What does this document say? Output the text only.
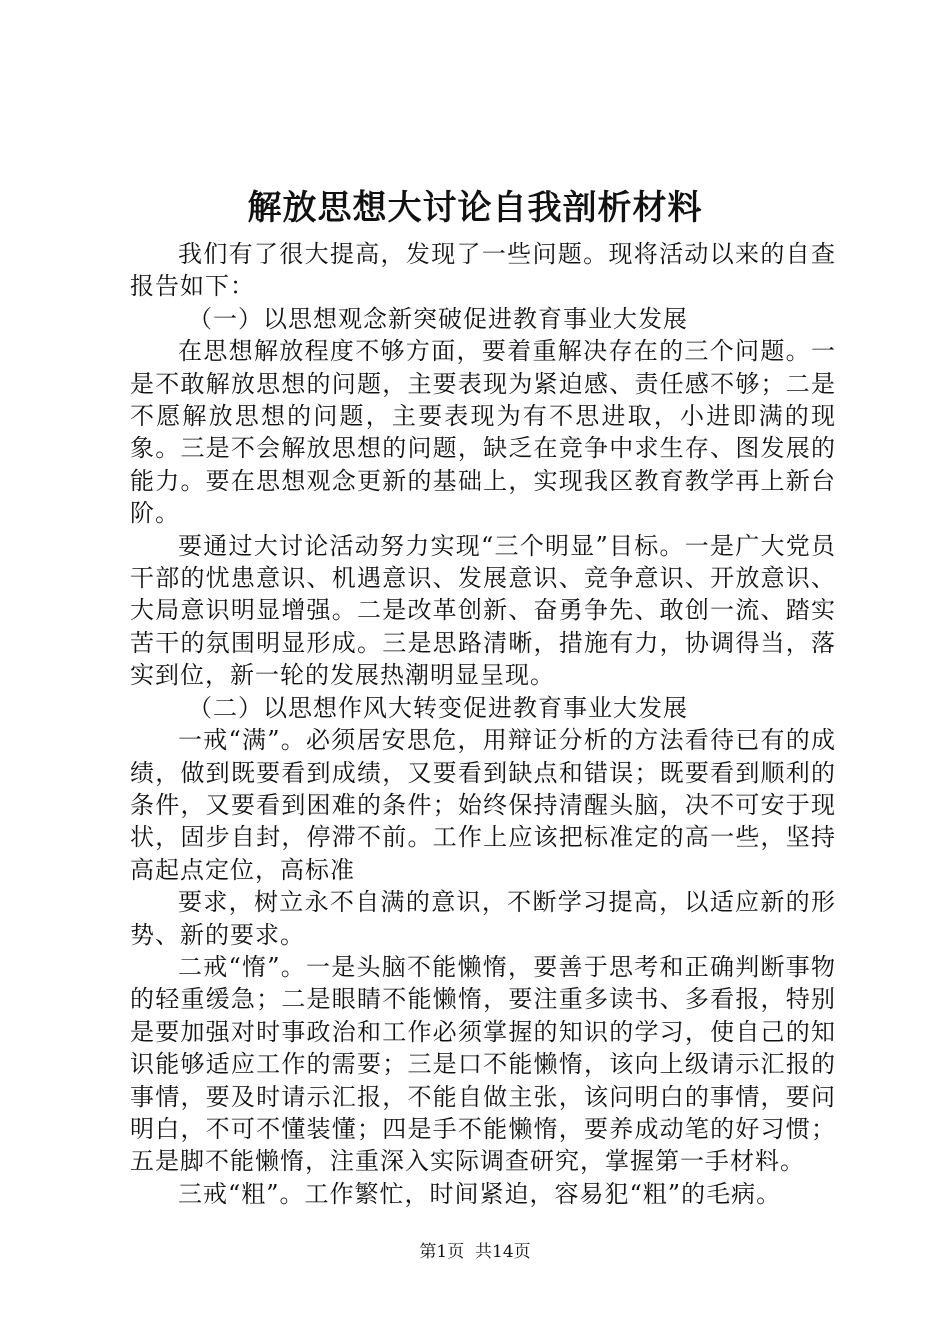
解放思想大讨论自我剖析材料

我们有了很大提高，发现了一些问题。现将活动以来的自查报告如下：

（一）以思想观念新突破促进教育事业大发展

在思想解放程度不够方面，要着重解决存在的三个问题。一是不敢解放思想的问题，主要表现为紧迫感、责任感不够；二是不愿解放思想的问题，主要表现为有不思进取，小进即满的现象。三是不会解放思想的问题，缺乏在竞争中求生存、图发展的能力。要在思想观念更新的基础上，实现我区教育教学再上新台阶。

要通过大讨论活动努力实现“三个明显”目标。一是广大党员干部的忧患意识、机遇意识、发展意识、竞争意识、开放意识、大局意识明显增强。二是改革创新、奋勇争先、敢创一流、踏实苦干的氛围明显形成。三是思路清晰，措施有力，协调得当，落实到位，新一轮的发展热潮明显呈现。

（二）以思想作风大转变促进教育事业大发展

一戒“满”。必须居安思危，用辩证分析的方法看待已有的成绩，做到既要看到成绩，又要看到缺点和错误；既要看到顺利的条件，又要看到困难的条件；始终保持清醒头脑，决不可安于现状，固步自封，停滞不前。工作上应该把标准定的高一些，坚持高起点定位，高标准

要求，树立永不自满的意识，不断学习提高，以适应新的形势、新的要求。

二戒“惰”。一是头脑不能懒惰，要善于思考和正确判断事物的轻重缓急；二是眼睛不能懒惰，要注重多读书、多看报，特别是要加强对时事政治和工作必须掌握的知识的学习，使自己的知识能够适应工作的需要；三是口不能懒惰，该向上级请示汇报的事情，要及时请示汇报，不能自做主张，该问明白的事情，要问明白，不可不懂装懂；四是手不能懒惰，要养成动笔的好习惯；五是脚不能懒惰，注重深入实际调查研究，掌握第一手材料。

三戒“粗”。工作繁忙，时间紧迫，容易犯“粗”的毛病。

第1页 共14页
